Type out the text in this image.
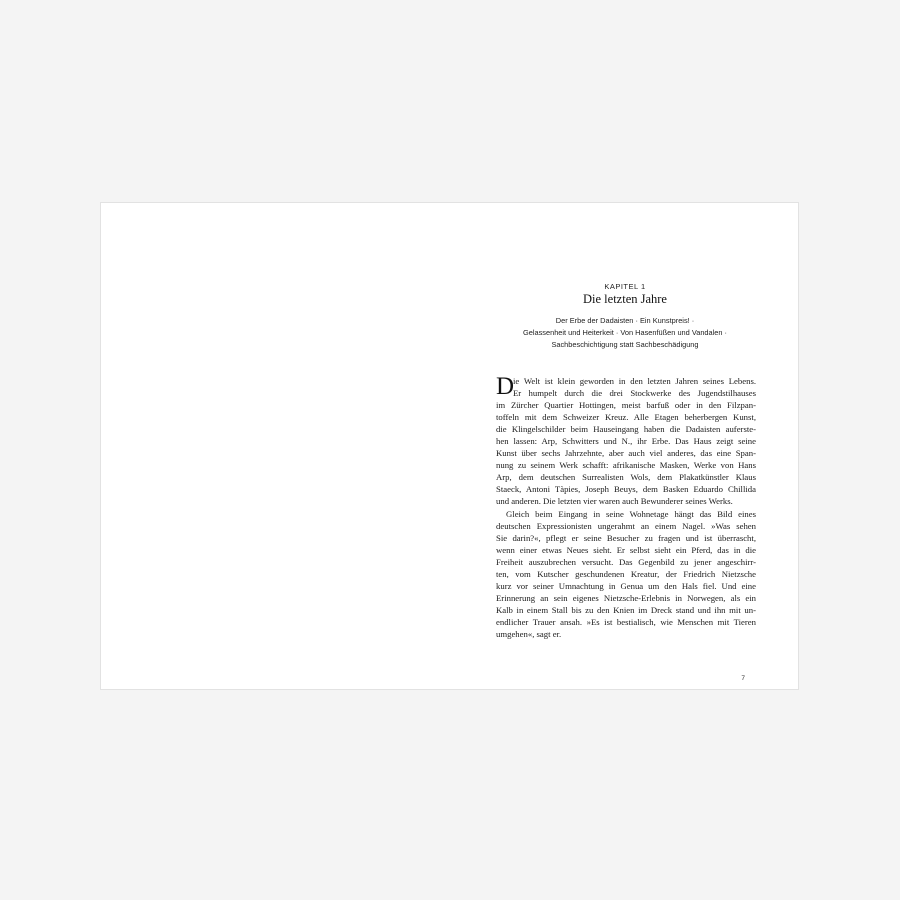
KAPITEL 1
Die letzten Jahre
Der Erbe der Dadaisten · Ein Kunstpreis! ·
Gelassenheit und Heiterkeit · Von Hasenfüßen und Vandalen ·
Sachbeschichtigung statt Sachbeschädigung
D
ie Welt ist klein geworden in den letzten Jahren seines Lebens.
Er humpelt durch die drei Stockwerke des Jugendstilhauses
im Zürcher Quartier Hottingen, meist barfuß oder in den Filzpan-
toffeln mit dem Schweizer Kreuz. Alle Etagen beherbergen Kunst,
die Klingelschilder beim Hauseingang haben die Dadaisten auferste-
hen lassen: Arp, Schwitters und N., ihr Erbe. Das Haus zeigt seine
Kunst über sechs Jahrzehnte, aber auch viel anderes, das eine Span-
nung zu seinem Werk schafft: afrikanische Masken, Werke von Hans
Arp, dem deutschen Surrealisten Wols, dem Plakatkünstler Klaus
Staeck, Antoni Tàpies, Joseph Beuys, dem Basken Eduardo Chillida
und anderen. Die letzten vier waren auch Bewunderer seines Werks.
Gleich beim Eingang in seine Wohnetage hängt das Bild eines
deutschen Expressionisten ungerahmt an einem Nagel. »Was sehen
Sie darin?«, pflegt er seine Besucher zu fragen und ist überrascht,
wenn einer etwas Neues sieht. Er selbst sieht ein Pferd, das in die
Freiheit auszubrechen versucht. Das Gegenbild zu jener angeschirr-
ten, vom Kutscher geschundenen Kreatur, der Friedrich Nietzsche
kurz vor seiner Umnachtung in Genua um den Hals fiel. Und eine
Erinnerung an sein eigenes Nietzsche-Erlebnis in Norwegen, als ein
Kalb in einem Stall bis zu den Knien im Dreck stand und ihn mit un-
endlicher Trauer ansah. »Es ist bestialisch, wie Menschen mit Tieren
umgehen«, sagt er.
7
